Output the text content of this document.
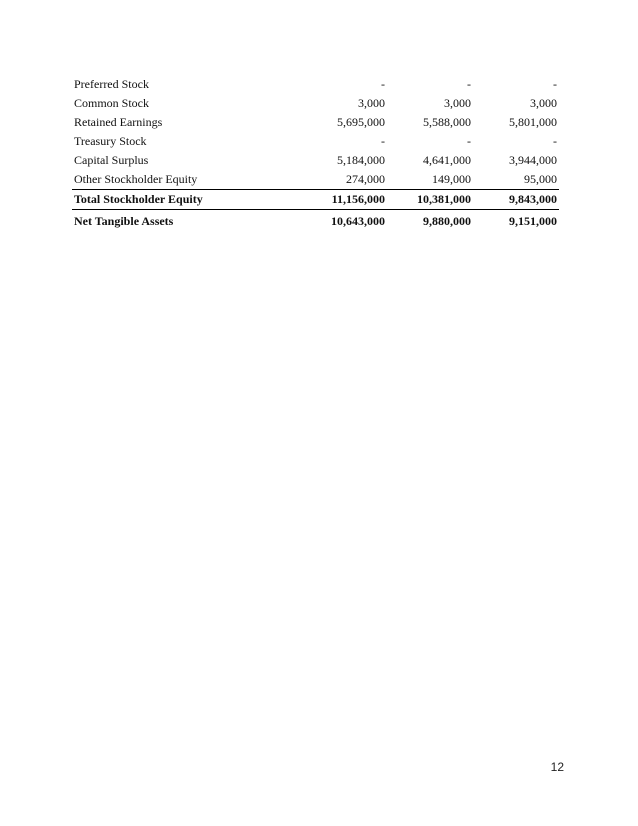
Preferred Stock	-	-	-
Common Stock	3,000	3,000	3,000
Retained Earnings	5,695,000	5,588,000	5,801,000
Treasury Stock	-	-	-
Capital Surplus	5,184,000	4,641,000	3,944,000
Other Stockholder Equity	274,000	149,000	95,000
Total Stockholder Equity	11,156,000	10,381,000	9,843,000

Net Tangible Assets	10,643,000	9,880,000	9,151,000
12
